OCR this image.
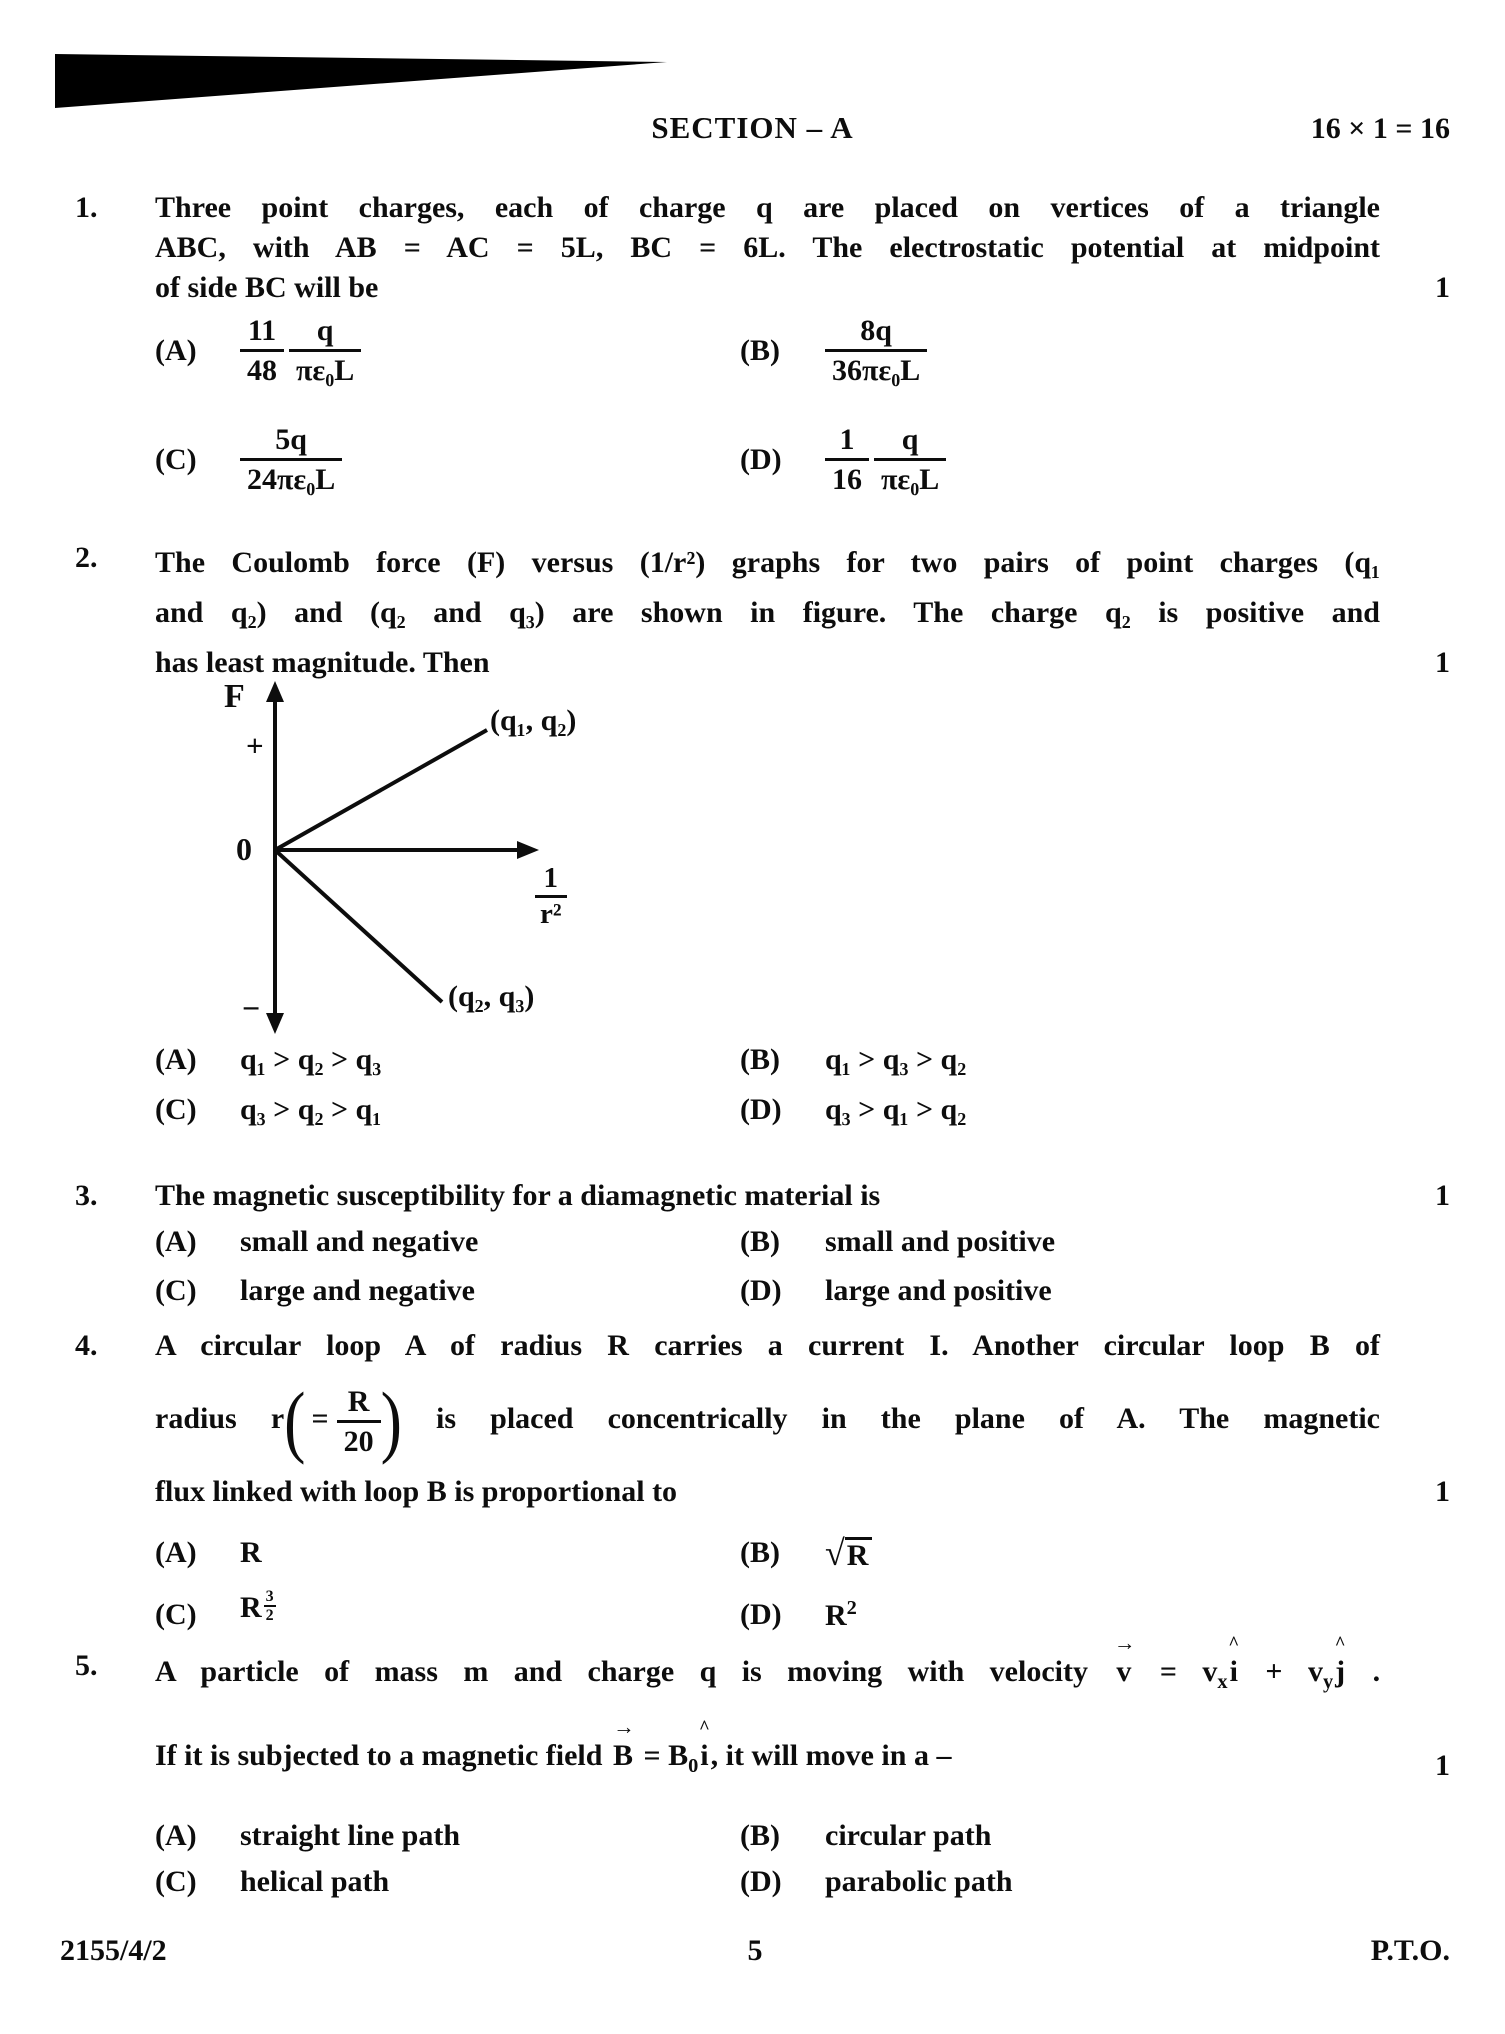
SECTION – A	16 × 1 = 16
1.	Three point charges, each of charge q are placed on vertices of a triangle
ABC, with AB = AC = 5L, BC = 6L. The electrostatic potential at midpoint
of side BC will be	1
(A)	$\frac{11}{48} \frac{q}{\text{πε₀L}}$	(B)	$\frac{8q}{\text{36πε₀L}}$
(C)	$\frac{5q}{\text{24πε₀L}}$	(D)	$\frac{1}{16} \frac{q}{\text{πε₀L}}$
2.	The Coulomb force (F) versus (1/r²) graphs for two pairs of point charges (q₁
and q₂) and (q₂ and q₃) are shown in figure. The charge q₂ is positive and
has least magnitude. Then	1
F
+
0
−
(q₁, q₂)
(q₂, q₃)
$\frac{1}{\text{r²}}$
(A)	q₁ > q₂ > q₃	(B)	q₁ > q₃ > q₂
(C)	q₃ > q₂ > q₁	(D)	q₃ > q₁ > q₂
3.	The magnetic susceptibility for a diamagnetic material is	1
(A)	small and negative	(B)	small and positive
(C)	large and negative	(D)	large and positive
4.	A circular loop A of radius R carries a current I. Another circular loop B of
radius $r( = \frac{R}{20}$ ) is placed concentrically in the plane of A. The magnetic
flux linked with loop B is proportional to	1
(A)	R	(B)	√R
(C)	R $\frac{3}{2}$	(D)	$R^2$
5.	A particle of mass m and charge q is moving with velocity
→
$v = v_x$
^
$i + v_y$
^
j .
If it is subjected to a magnetic field
→
$B = B_0$
^
i, it will move in a –	1
(A)	straight line path	(B)	circular path
(C)	helical path	(D)	parabolic path
2155/4/2	5	P.T.O.
